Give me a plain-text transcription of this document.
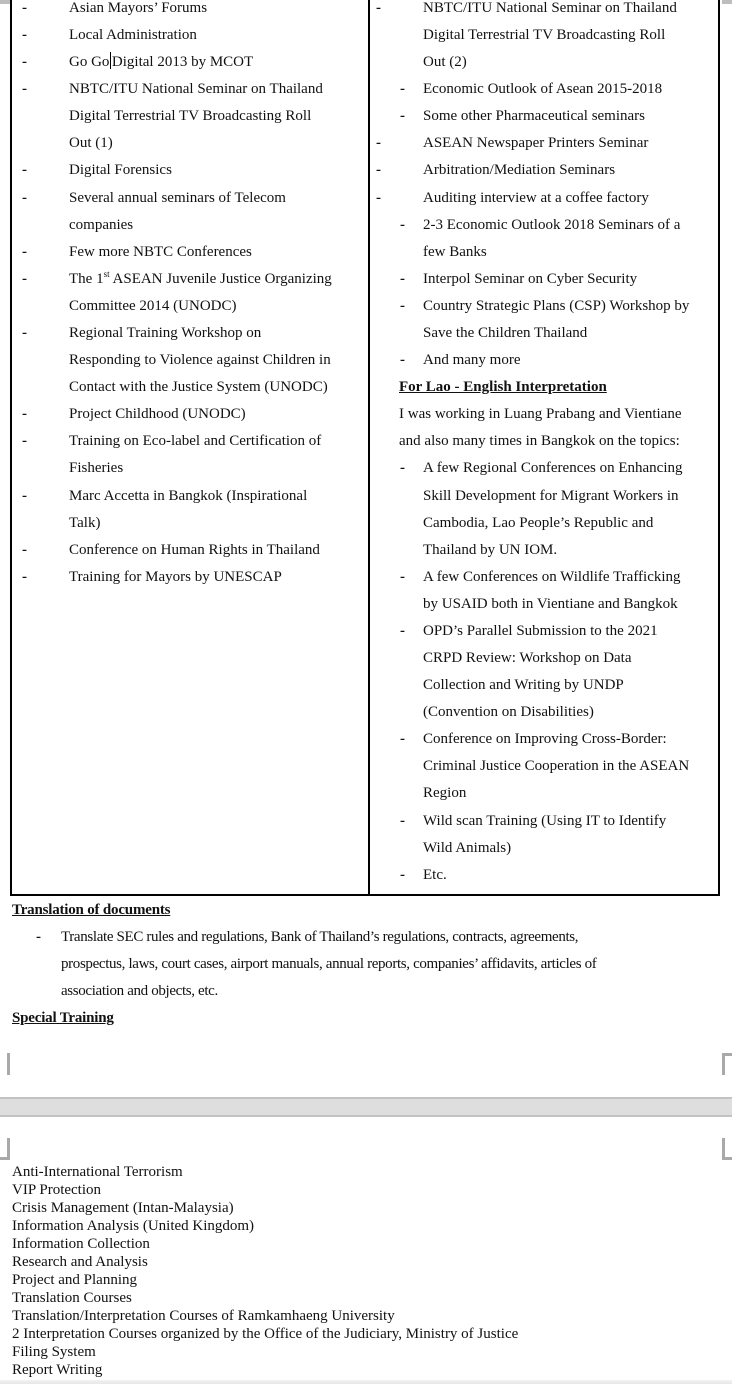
-	Asian Mayors’ Forums
-	Local Administration
-	Go Go Digital 2013 by MCOT
-	NBTC/ITU National Seminar on Thailand
Digital Terrestrial TV Broadcasting Roll
Out (1)
-	Digital Forensics
-	Several annual seminars of Telecom
companies
-	Few more NBTC Conferences
-	The 1st ASEAN Juvenile Justice Organizing
Committee 2014 (UNODC)
-	Regional Training Workshop on
Responding to Violence against Children in
Contact with the Justice System (UNODC)
-	Project Childhood (UNODC)
-	Training on Eco-label and Certification of
Fisheries
-	Marc Accetta in Bangkok (Inspirational
Talk)
-	Conference on Human Rights in Thailand
-	Training for Mayors by UNESCAP
-	NBTC/ITU National Seminar on Thailand
Digital Terrestrial TV Broadcasting Roll
Out (2)
- Economic Outlook of Asean 2015-2018
- Some other Pharmaceutical seminars
-	ASEAN Newspaper Printers Seminar
-	Arbitration/Mediation Seminars
-	Auditing interview at a coffee factory
- 2-3 Economic Outlook 2018 Seminars of a
few Banks
- Interpol Seminar on Cyber Security
- Country Strategic Plans (CSP) Workshop by
Save the Children Thailand
- And many more
For Lao - English Interpretation
I was working in Luang Prabang and Vientiane
and also many times in Bangkok on the topics:
- A few Regional Conferences on Enhancing
Skill Development for Migrant Workers in
Cambodia, Lao People’s Republic and
Thailand by UN IOM.
- A few Conferences on Wildlife Trafficking
by USAID both in Vientiane and Bangkok
- OPD’s Parallel Submission to the 2021
CRPD Review: Workshop on Data
Collection and Writing by UNDP
(Convention on Disabilities)
- Conference on Improving Cross-Border:
Criminal Justice Cooperation in the ASEAN
Region
- Wild scan Training (Using IT to Identify
Wild Animals)
- Etc.
Translation of documents
- Translate SEC rules and regulations, Bank of Thailand’s regulations, contracts, agreements,
prospectus, laws, court cases, airport manuals, annual reports, companies’ affidavits, articles of
association and objects, etc.
Special Training
Anti-International Terrorism
VIP Protection
Crisis Management (Intan-Malaysia)
Information Analysis (United Kingdom)
Information Collection
Research and Analysis
Project and Planning
Translation Courses
Translation/Interpretation Courses of Ramkamhaeng University
2 Interpretation Courses organized by the Office of the Judiciary, Ministry of Justice
Filing System
Report Writing
